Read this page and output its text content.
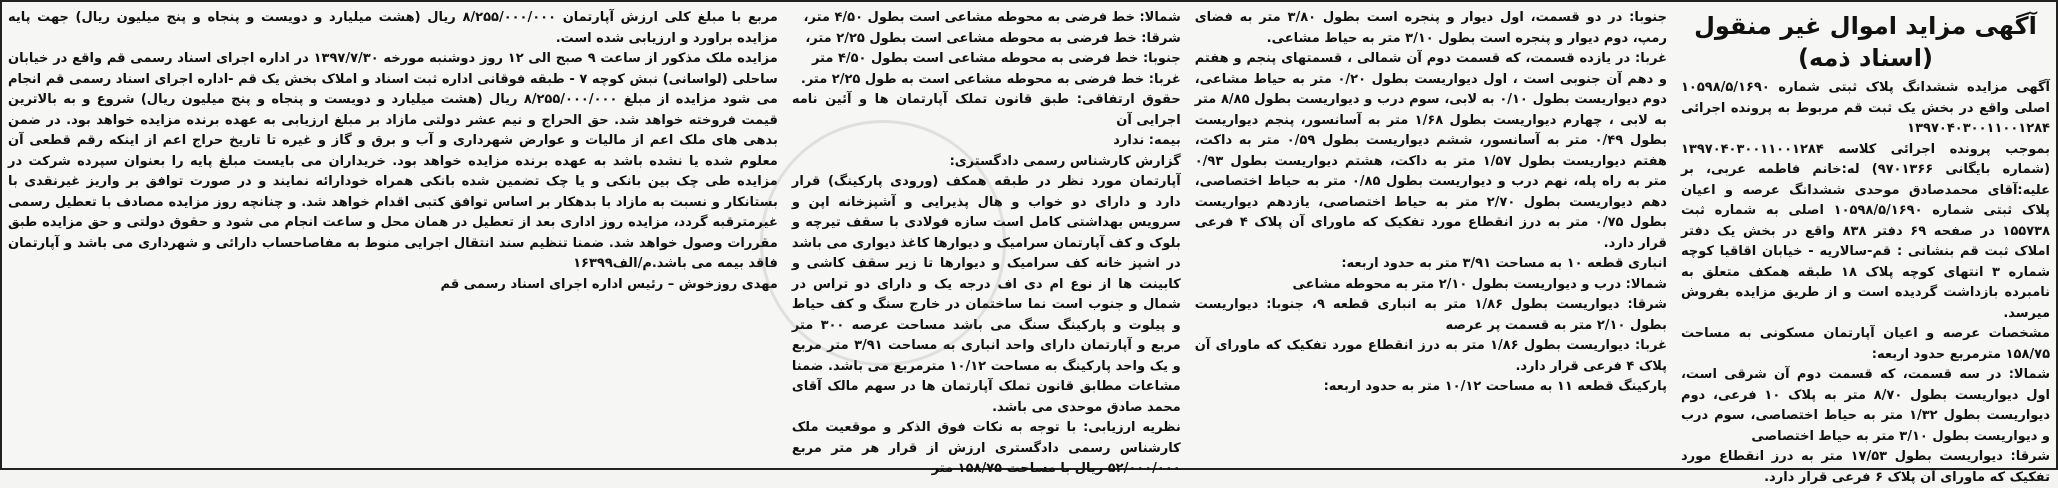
آگهی مزاید اموال غیر منقول (اسناد ذمه)

آگهی مزایده ششدانگ پلاک ثبتی شماره ۱۰۵۹۸/۵/۱۶۹۰ اصلی واقع در بخش یک ثبت قم مربوط به پرونده اجرائی ۱۳۹۷۰۴۰۳۰۰۱۱۰۰۱۲۸۴

بموجب پرونده اجرائی کلاسه ۱۳۹۷۰۴۰۳۰۰۱۱۰۰۱۲۸۴ (شماره بایگانی ۹۷۰۱۳۶۶) له:خانم فاطمه عربی، بر علیه:آقای محمدصادق موحدی ششدانگ عرصه و اعیان پلاک ثبتی شماره ۱۰۵۹۸/۵/۱۶۹۰ اصلی به شماره ثبت ۱۵۵۷۳۸ در صفحه ۶۹ دفتر ۸۳۸ واقع در بخش یک دفتر املاک ثبت قم بنشانی : قم-سالاریه - خیابان اقاقیا کوچه شماره ۳ انتهای کوچه پلاک ۱۸ طبقه همکف متعلق به نامبرده بازداشت گردیده است و از طریق مزایده بفروش میرسد.

مشخصات عرصه و اعیان آپارتمان مسکونی به مساحت ۱۵۸/۷۵ مترمربع حدود اربعه:

شمالا: در سه قسمت، که قسمت دوم آن شرقی است، اول دیواریست بطول ۸/۷۰ متر به پلاک ۱۰ فرعی، دوم دیواریست بطول ۱/۳۲ متر به حیاط اختصاصی، سوم درب و دیواریست بطول ۳/۱۰ متر به حیاط اختصاصی

شرقا: دیواریست بطول ۱۷/۵۳ متر به درز انقطاع مورد تفکیک که ماورای آن پلاک ۶ فرعی قرار دارد.

جنوبا: در دو قسمت، اول دیوار و پنجره است بطول ۳/۸۰ متر به فضای رمپ، دوم دیوار و پنجره است بطول ۳/۱۰ متر به حیاط مشاعی.

غربا: در یازده قسمت، که قسمت دوم آن شمالی ، قسمتهای پنجم و هفتم و دهم آن جنوبی است ، اول دیواریست بطول ۰/۲۰ متر به حیاط مشاعی، دوم دیواریست بطول ۰/۱۰ به لابی، سوم درب و دیواریست بطول ۸/۸۵ متر به لابی ، چهارم دیواریست بطول ۱/۶۸ متر به آسانسور، پنجم دیواریست بطول ۰/۴۹ متر به آسانسور، ششم دیواریست بطول ۰/۵۹ متر به داکت، هفتم دیواریست بطول ۱/۵۷ متر به داکت، هشتم دیواریست بطول ۰/۹۳ متر به راه پله، نهم درب و دیواریست بطول ۰/۸۵ متر به حیاط اختصاصی، دهم دیواریست بطول ۲/۷۰ متر به حیاط اختصاصی، یازدهم دیواریست بطول ۰/۷۵ متر به درز انقطاع مورد تفکیک که ماورای آن پلاک ۴ فرعی قرار دارد.

انباری قطعه ۱۰ به مساحت ۳/۹۱ متر به حدود اربعه:

شمالا: درب و دیواریست بطول ۲/۱۰ متر به محوطه مشاعی

شرقا: دیواریست بطول ۱/۸۶ متر به انباری قطعه ۹، جنوبا: دیواریست بطول ۲/۱۰ متر به قسمت پر عرصه

غربا: دیواریست بطول ۱/۸۶ متر به درز انقطاع مورد تفکیک که ماورای آن پلاک ۴ فرعی قرار دارد.

پارکینگ قطعه ۱۱ به مساحت ۱۰/۱۲ متر به حدود اربعه:

شمالا: خط فرضی به محوطه مشاعی است بطول ۴/۵۰ متر،

شرقا: خط فرضی به محوطه مشاعی است بطول ۲/۲۵ متر،

جنوبا: خط فرضی به محوطه مشاعی است بطول ۴/۵۰ متر

غربا: خط فرضی به محوطه مشاعی است به طول ۲/۲۵ متر.

حقوق ارتفاقی: طبق قانون تملک آپارتمان ها و آئین نامه اجرایی آن

بیمه: ندارد

گزارش کارشناس رسمی دادگستری:

آپارتمان مورد نظر در طبقه همکف (ورودی پارکینگ) قرار دارد و دارای دو خواب و هال پذیرایی و آشپزخانه اپن و سرویس بهداشتی کامل است سازه فولادی با سقف تیرچه و بلوک و کف آپارتمان سرامیک و دیوارها کاغذ دیواری می باشد در اشپز خانه کف سرامیک و دیوارها تا زیر سقف کاشی و کابینت ها از نوع ام دی اف درجه یک و دارای دو تراس در شمال و جنوب است نما ساختمان در خارج سنگ و کف حیاط و پیلوت و پارکینگ سنگ می باشد مساحت عرصه ۳۰۰ متر مربع و آپارتمان دارای واحد انباری به مساحت ۳/۹۱ متر مربع و یک واحد پارکینگ به مساحت ۱۰/۱۲ مترمربع می باشد. ضمنا مشاعات مطابق قانون تملک آپارتمان ها در سهم مالک آقای محمد صادق موحدی می باشد.

نظریه ارزیابی: با توجه به نکات فوق الذکر و موقعیت ملک کارشناس رسمی دادگستری ارزش از قرار هر متر مربع ۵۲/۰۰۰/۰۰۰ ریال با مساحت ۱۵۸/۷۵ متر

مربع با مبلغ کلی ارزش آپارتمان ۸/۲۵۵/۰۰۰/۰۰۰ ریال (هشت میلیارد و دویست و پنجاه و پنج میلیون ریال) جهت پایه مزایده براورد و ارزیابی شده است.

مزایده ملک مذکور از ساعت ۹ صبح الی ۱۲ روز دوشنبه مورخه ۱۳۹۷/۷/۳۰ در اداره اجرای اسناد رسمی قم واقع در خیابان ساحلی (لواسانی) نبش کوچه ۷ - طبقه فوقانی اداره ثبت اسناد و املاک بخش یک قم -اداره اجرای اسناد رسمی قم انجام می شود مزایده از مبلغ ۸/۲۵۵/۰۰۰/۰۰۰ ریال (هشت میلیارد و دویست و پنجاه و پنج میلیون ریال) شروع و به بالاترین قیمت فروخته خواهد شد. حق الحراج و نیم عشر دولتی مازاد بر مبلغ ارزیابی به عهده برنده مزایده خواهد بود. در ضمن بدهی های ملک اعم از مالیات و عوارض شهرداری و آب و برق و گاز و غیره تا تاریخ حراج اعم از اینکه رقم قطعی آن معلوم شده یا نشده باشد به عهده برنده مزایده خواهد بود. خریداران می بایست مبلغ پایه را بعنوان سپرده شرکت در مزایده طی چک بین بانکی و یا چک تضمین شده بانکی همراه خودارائه نمایند و در صورت توافق بر واریز غیرنقدی با بستانکار و نسبت به مازاد با بدهکار بر اساس توافق کتبی اقدام خواهد شد. و چنانچه روز مزایده مصادف با تعطیل رسمی غیرمترقبه گردد، مزایده روز اداری بعد از تعطیل در همان محل و ساعت انجام می شود و حقوق دولتی و حق مزایده طبق مقررات وصول خواهد شد. ضمنا تنظیم سند انتقال اجرایی منوط به مفاصاحساب دارائی و شهرداری می باشد و آپارتمان فاقد بیمه می باشد.م/الف۱۶۳۹۹

مهدی روزخوش – رئیس اداره اجرای اسناد رسمی قم
